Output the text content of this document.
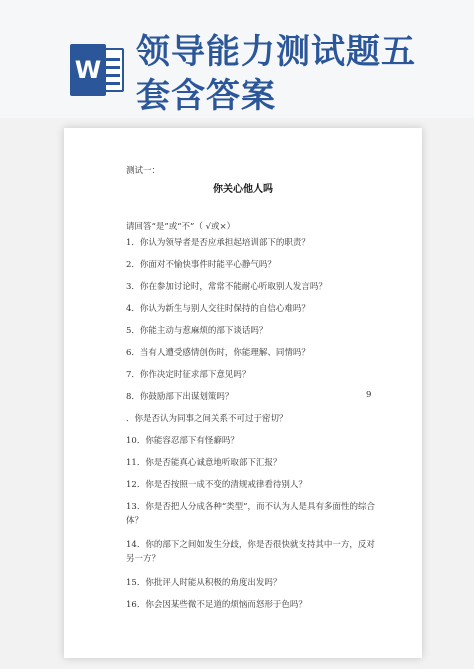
W 领导能力测试题五
套含答案
测试一：
你关心他人吗
请回答“是”或“不”（ √或×）
1．你认为领导者是否应承担起培训部下的职责？
2．你面对不愉快事件时能平心静气吗？
3．你在参加讨论时，常常不能耐心听取别人发言吗？
4．你认为新生与别人交往时保持的自信心难吗？
5．你能主动与惹麻烦的部下谈话吗？
6．当有人遭受感情创伤时，你能理解、同情吗？
7．你作决定时征求部下意见吗？
8．你鼓励部下出谋划策吗？	9
．你是否认为同事之间关系不可过于密切？
10．你能容忍部下有怪癖吗？
11．你是否能真心诚意地听取部下汇报？
12．你是否按照一成不变的清规戒律看待别人？
13．你是否把人分成各种“类型”，而不认为人是具有多面性的综合体？
14．你的部下之间如发生分歧，你是否很快就支持其中一方，反对另一方？
15．你批评人时能从积极的角度出发吗？
16．你会因某些微不足道的烦恼而怒形于色吗？
